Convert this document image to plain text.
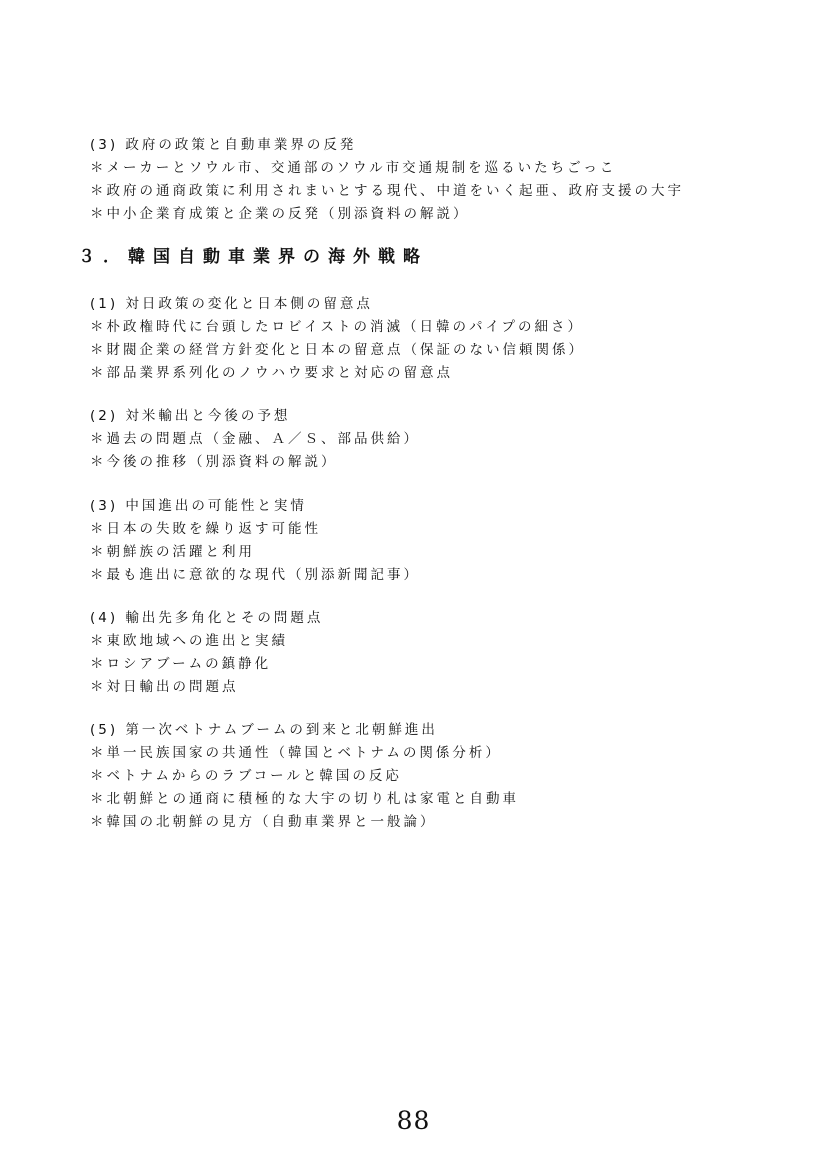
(3) 政府の政策と自動車業界の反発
＊メーカーとソウル市、交通部のソウル市交通規制を巡るいたちごっこ
＊政府の通商政策に利用されまいとする現代、中道をいく起亜、政府支援の大宇
＊中小企業育成策と企業の反発（別添資料の解説）
３．韓国自動車業界の海外戦略
(1) 対日政策の変化と日本側の留意点
＊朴政権時代に台頭したロビイストの消滅（日韓のパイプの細さ）
＊財閥企業の経営方針変化と日本の留意点（保証のない信頼関係）
＊部品業界系列化のノウハウ要求と対応の留意点
(2) 対米輸出と今後の予想
＊過去の問題点（金融、Ａ／Ｓ、部品供給）
＊今後の推移（別添資料の解説）
(3) 中国進出の可能性と実情
＊日本の失敗を繰り返す可能性
＊朝鮮族の活躍と利用
＊最も進出に意欲的な現代（別添新聞記事）
(4) 輸出先多角化とその問題点
＊東欧地域への進出と実績
＊ロシアブームの鎮静化
＊対日輸出の問題点
(5) 第一次ベトナムブームの到来と北朝鮮進出
＊単一民族国家の共通性（韓国とベトナムの関係分析）
＊ベトナムからのラブコールと韓国の反応
＊北朝鮮との通商に積極的な大宇の切り札は家電と自動車
＊韓国の北朝鮮の見方（自動車業界と一般論）
88
